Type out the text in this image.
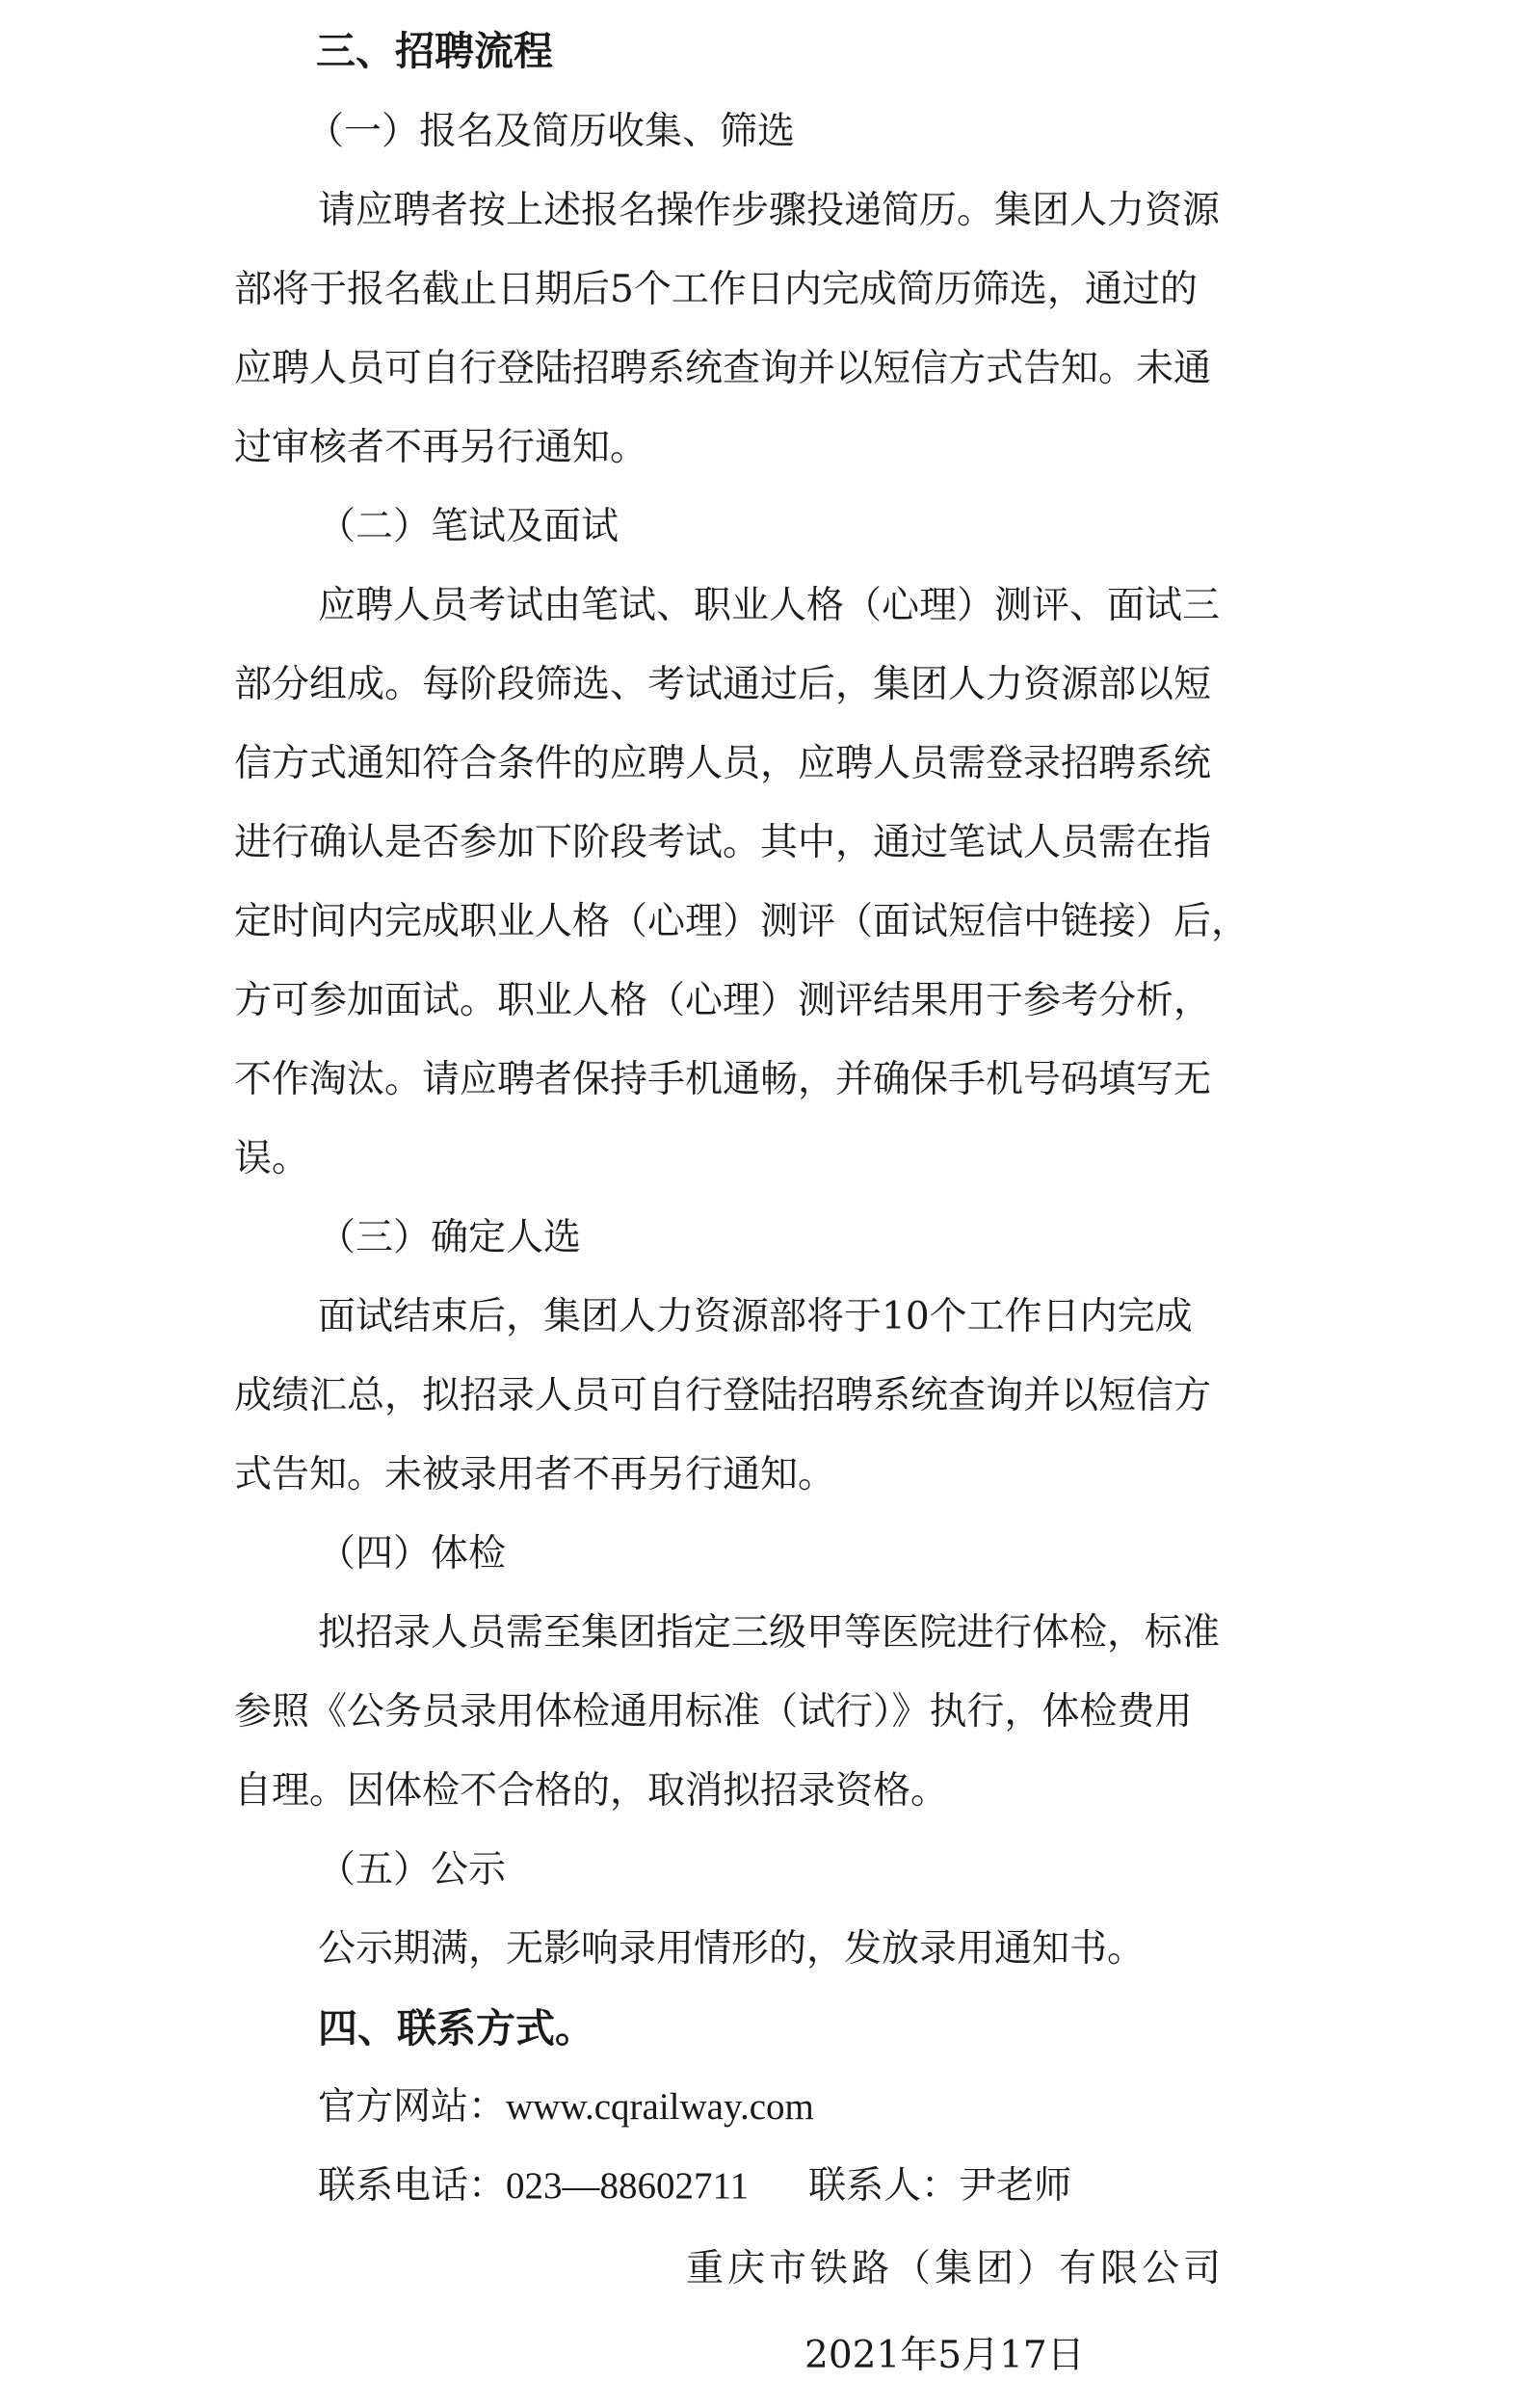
三、招聘流程
（一）报名及简历收集、筛选
请应聘者按上述报名操作步骤投递简历。集团人力资源
部将于报名截止日期后5个工作日内完成简历筛选，通过的
应聘人员可自行登陆招聘系统查询并以短信方式告知。未通
过审核者不再另行通知。
（二）笔试及面试
应聘人员考试由笔试、职业人格（心理）测评、面试三
部分组成。每阶段筛选、考试通过后，集团人力资源部以短
信方式通知符合条件的应聘人员，应聘人员需登录招聘系统
进行确认是否参加下阶段考试。其中，通过笔试人员需在指
定时间内完成职业人格（心理）测评（面试短信中链接）后，
方可参加面试。职业人格（心理）测评结果用于参考分析，
不作淘汰。请应聘者保持手机通畅，并确保手机号码填写无
误。
（三）确定人选
面试结束后，集团人力资源部将于10个工作日内完成
成绩汇总，拟招录人员可自行登陆招聘系统查询并以短信方
式告知。未被录用者不再另行通知。
（四）体检
拟招录人员需至集团指定三级甲等医院进行体检，标准
参照《公务员录用体检通用标准（试行）》执行，体检费用
自理。因体检不合格的，取消拟招录资格。
（五）公示
公示期满，无影响录用情形的，发放录用通知书。
四、联系方式。
官方网站：www.cqrailway.com
联系电话：023—88602711 联系人：尹老师
重庆市铁路（集团）有限公司
2021年5月17日
